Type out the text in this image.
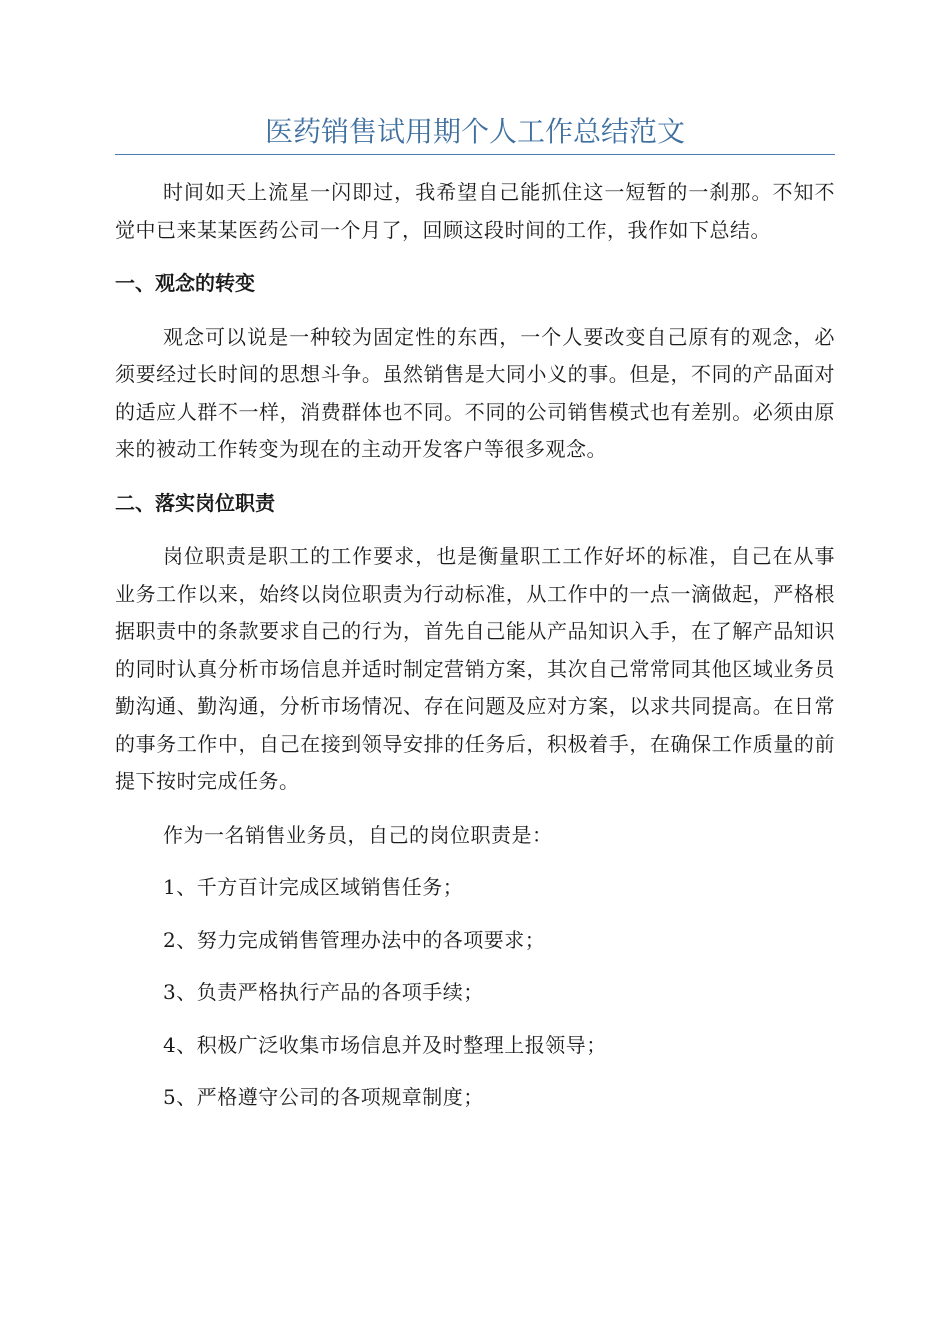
医药销售试用期个人工作总结范文

时间如天上流星一闪即过，我希望自己能抓住这一短暂的一刹那。不知不觉中已来某某医药公司一个月了，回顾这段时间的工作，我作如下总结。

一、观念的转变

观念可以说是一种较为固定性的东西，一个人要改变自己原有的观念，必须要经过长时间的思想斗争。虽然销售是大同小义的事。但是，不同的产品面对的适应人群不一样，消费群体也不同。不同的公司销售模式也有差别。必须由原来的被动工作转变为现在的主动开发客户等很多观念。

二、落实岗位职责

岗位职责是职工的工作要求，也是衡量职工工作好坏的标准，自己在从事业务工作以来，始终以岗位职责为行动标准，从工作中的一点一滴做起，严格根据职责中的条款要求自己的行为，首先自己能从产品知识入手，在了解产品知识的同时认真分析市场信息并适时制定营销方案，其次自己常常同其他区域业务员勤沟通、勤沟通，分析市场情况、存在问题及应对方案，以求共同提高。在日常的事务工作中，自己在接到领导安排的任务后，积极着手，在确保工作质量的前提下按时完成任务。

作为一名销售业务员，自己的岗位职责是：

1、千方百计完成区域销售任务；

2、努力完成销售管理办法中的各项要求；

3、负责严格执行产品的各项手续；

4、积极广泛收集市场信息并及时整理上报领导；

5、严格遵守公司的各项规章制度；
